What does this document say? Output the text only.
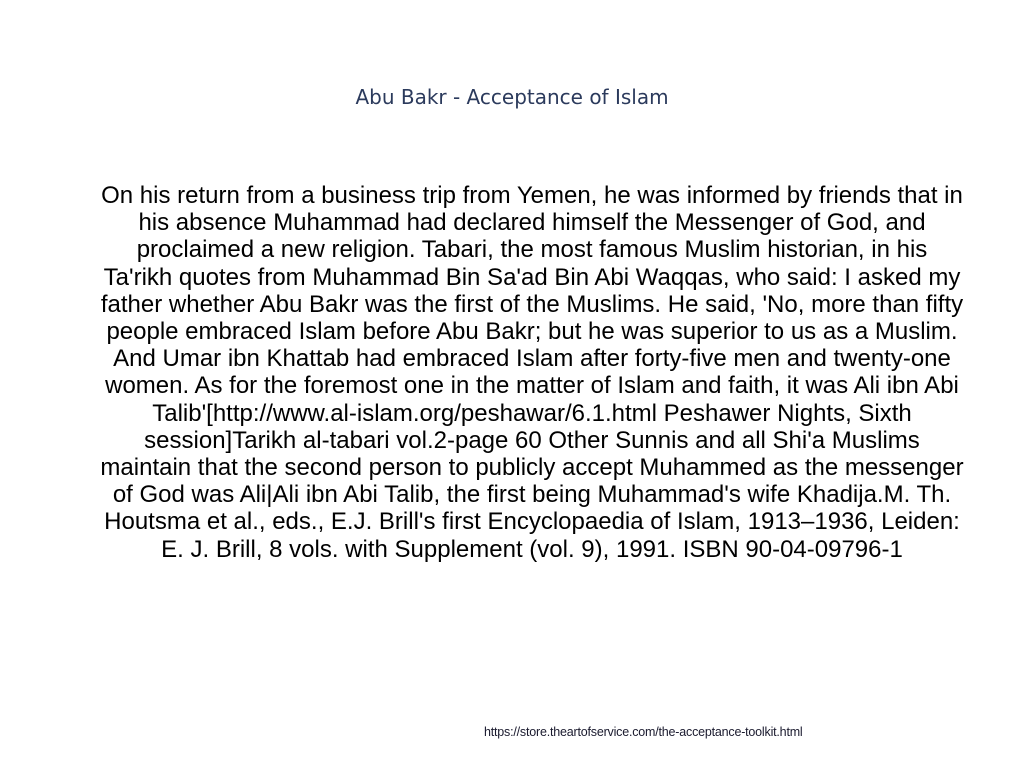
Abu Bakr - Acceptance of Islam

On his return from a business trip from Yemen, he was informed by friends that in his absence Muhammad had declared himself the Messenger of God, and proclaimed a new religion. Tabari, the most famous Muslim historian, in his Ta'rikh quotes from Muhammad Bin Sa'ad Bin Abi Waqqas, who said: I asked my father whether Abu Bakr was the first of the Muslims. He said, 'No, more than fifty people embraced Islam before Abu Bakr; but he was superior to us as a Muslim. And Umar ibn Khattab had embraced Islam after forty-five men and twenty-one women. As for the foremost one in the matter of Islam and faith, it was Ali ibn Abi Talib'[http://www.al-islam.org/peshawar/6.1.html Peshawer Nights, Sixth session]Tarikh al-tabari vol.2-page 60 Other Sunnis and all Shi'a Muslims maintain that the second person to publicly accept Muhammed as the messenger of God was Ali|Ali ibn Abi Talib, the first being Muhammad's wife Khadija.M. Th. Houtsma et al., eds., E.J. Brill's first Encyclopaedia of Islam, 1913–1936, Leiden: E. J. Brill, 8 vols. with Supplement (vol. 9), 1991. ISBN 90-04-09796-1

https://store.theartofservice.com/the-acceptance-toolkit.html
